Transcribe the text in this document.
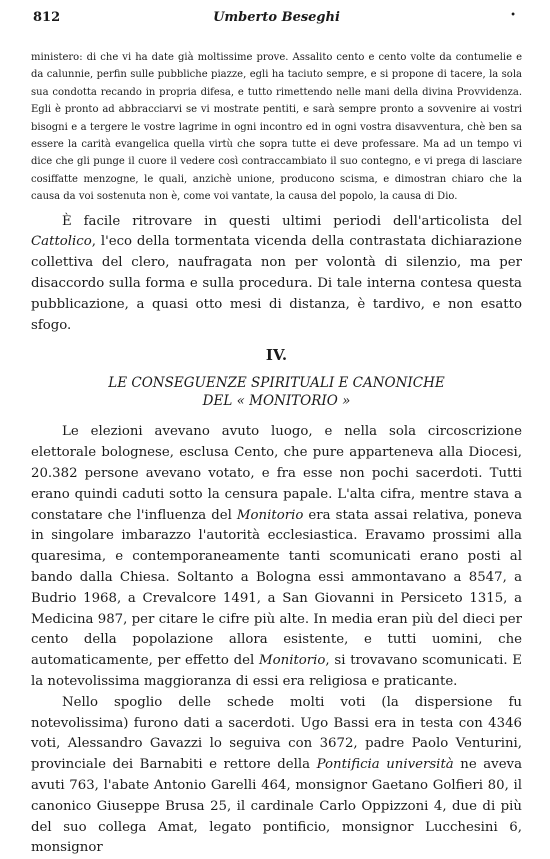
812	Umberto Beseghi	•
ministero: di che vi ha date già moltissime prove. Assalito cento e cento volte da contumelie e da calunnie, perfin sulle pubbliche piazze, egli ha taciuto sempre, e si propone di tacere, la sola sua condotta recando in propria difesa, e tutto rimettendo nelle mani della divina Provvidenza. Egli è pronto ad abbracciarvi se vi mostrate pentiti, e sarà sempre pronto a sovvenire ai vostri bisogni e a tergere le vostre lagrime in ogni incontro ed in ogni vostra disavventura, chè ben sa essere la carità evangelica quella virtù che sopra tutte ei deve professare. Ma ad un tempo vi dice che gli punge il cuore il vedere così contraccambiato il suo contegno, e vi prega di lasciare cosiffatte menzogne, le quali, anzichè unione, producono scisma, e dimostran chiaro che la causa da voi sostenuta non è, come voi vantate, la causa del popolo, la causa di Dio.

È facile ritrovare in questi ultimi periodi dell'articolista del Cattolico, l'eco della tormentata vicenda della contrastata dichiarazione collettiva del clero, naufragata non per volontà di silenzio, ma per disaccordo sulla forma e sulla procedura. Di tale interna contesa questa pubblicazione, a quasi otto mesi di distanza, è tardivo, e non esatto sfogo.

IV.
LE CONSEGUENZE SPIRITUALI E CANONICHE
DEL « MONITORIO »

Le elezioni avevano avuto luogo, e nella sola circoscrizione elettorale bolognese, esclusa Cento, che pure apparteneva alla Diocesi, 20.382 persone avevano votato, e fra esse non pochi sacerdoti. Tutti erano quindi caduti sotto la censura papale. L'alta cifra, mentre stava a constatare che l'influenza del Monitorio era stata assai relativa, poneva in singolare imbarazzo l'autorità ecclesiastica. Eravamo prossimi alla quaresima, e contemporaneamente tanti scomunicati erano posti al bando dalla Chiesa. Soltanto a Bologna essi ammontavano a 8547, a Budrio 1968, a Crevalcore 1491, a San Giovanni in Persiceto 1315, a Medicina 987, per citare le cifre più alte. In media eran più del dieci per cento della popolazione allora esistente, e tutti uomini, che automaticamente, per effetto del Monitorio, si trovavano scomunicati. E la notevolissima maggioranza di essi era religiosa e praticante.

Nello spoglio delle schede molti voti (la dispersione fu notevolissima) furono dati a sacerdoti. Ugo Bassi era in testa con 4346 voti, Alessandro Gavazzi lo seguiva con 3672, padre Paolo Venturini, provinciale dei Barnabiti e rettore della Pontificia università ne aveva avuti 763, l'abate Antonio Garelli 464, monsignor Gaetano Golfieri 80, il canonico Giuseppe Brusa 25, il cardinale Carlo Oppizzoni 4, due di più del suo collega Amat, legato pontificio, monsignor Lucchesini 6, monsignor
